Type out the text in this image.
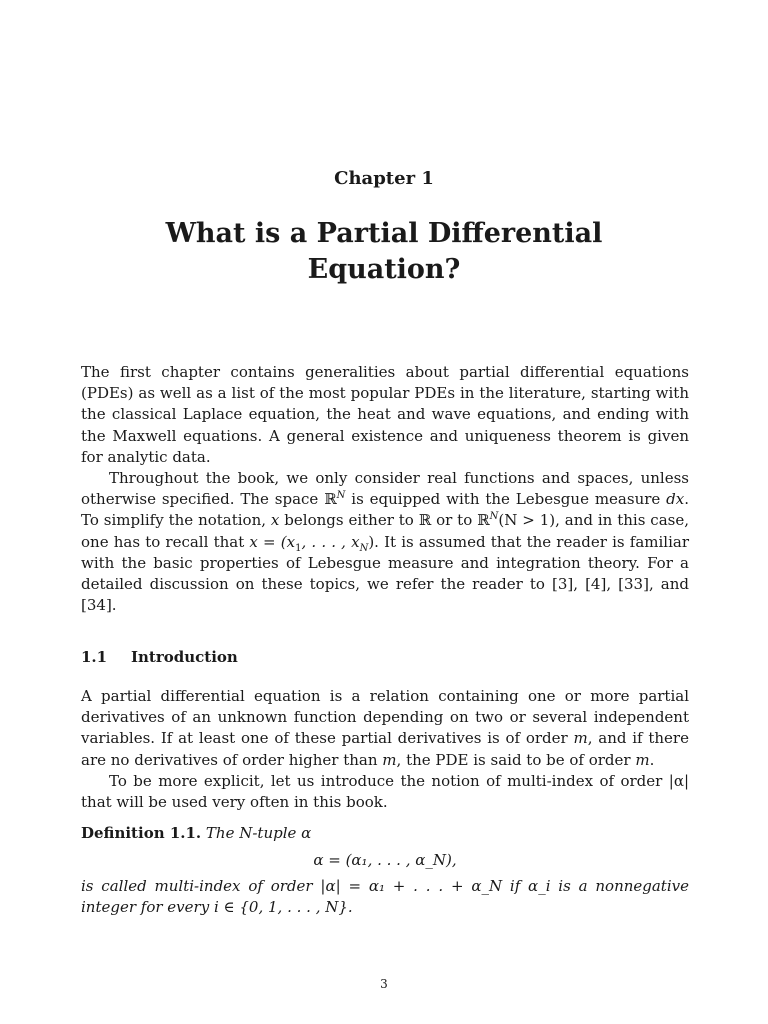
Chapter 1
What is a Partial Differential
Equation?

The first chapter contains generalities about partial differential equations (PDEs) as well as a list of the most popular PDEs in the literature, starting with the classical Laplace equation, the heat and wave equations, and ending with the Maxwell equations. A general existence and uniqueness theorem is given for analytic data.

Throughout the book, we only consider real functions and spaces, unless otherwise specified. The space ℝ$^N$ is equipped with the Lebesgue measure dx. To simplify the notation, x belongs either to ℝ or to ℝ$^N$(N > 1), and in this case, one has to recall that $x = (x_1$, . . . , $x_N$). It is assumed that the reader is familiar with the basic properties of Lebesgue measure and integration theory. For a detailed discussion on these topics, we refer the reader to [3], [4], [33], and [34].

1.1 Introduction

A partial differential equation is a relation containing one or more partial derivatives of an unknown function depending on two or several independent variables. If at least one of these partial derivatives is of order m, and if there are no derivatives of order higher than m, the PDE is said to be of order m.

To be more explicit, let us introduce the notion of multi-index of order |α| that will be used very often in this book.

Definition 1.1. The N-tuple α

α = (α₁, . . . , α_N),

is called multi-index of order |α| = α₁ + . . . + α_N if α_i is a nonnegative integer for every i ∈ {0, 1, . . . , N}.

3
